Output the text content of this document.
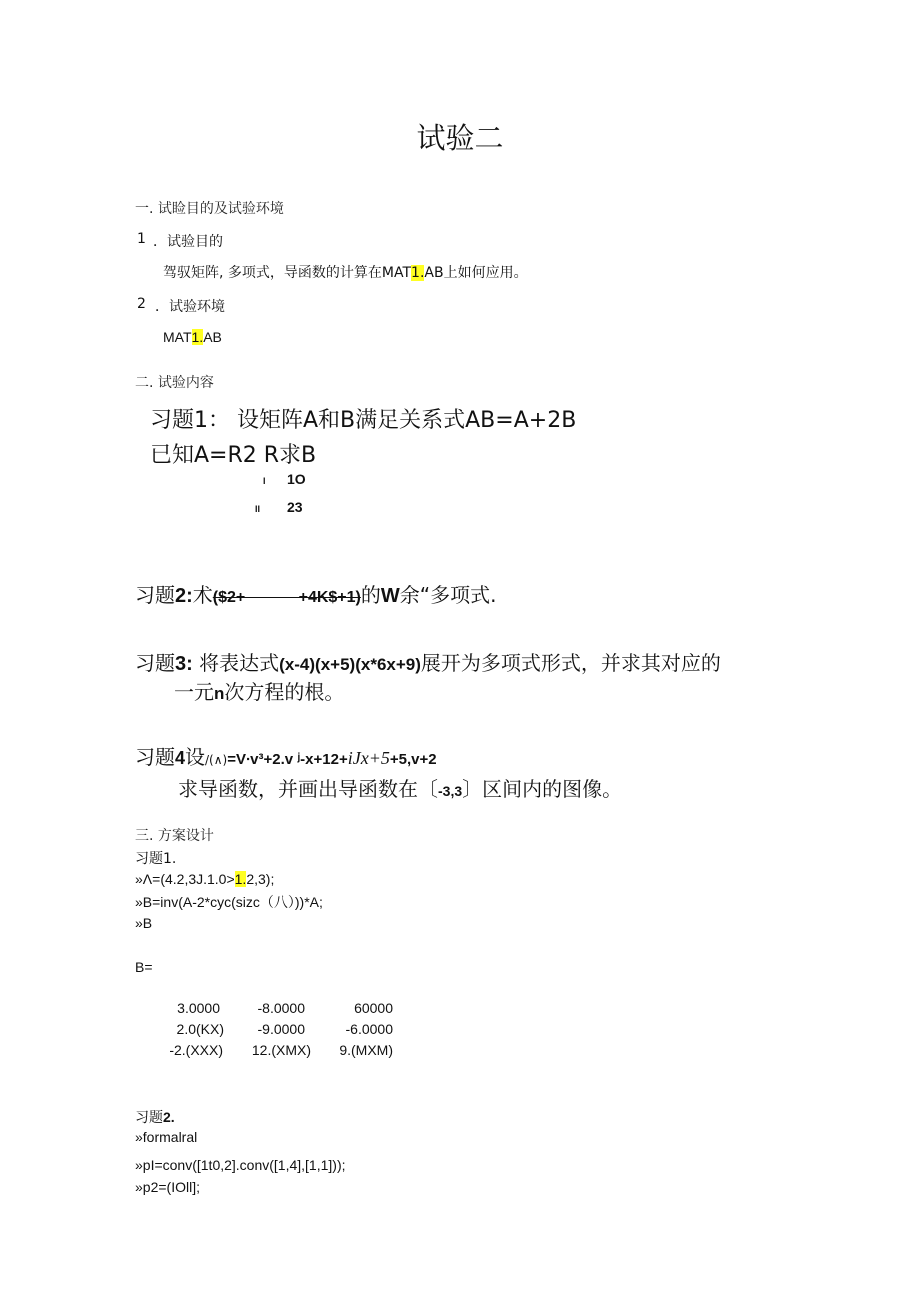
试验二
一. 试睑目的及试验环境
1 ．试验目的
驾驭矩阵, 多项式，导函数的计算在MAT1.AB上如何应用。
2 ．试验环境
MAT1.AB
二. 试验内容
习题1： 设矩阵A和B满足关系式AB=A+2B
已知A=R2 R求B
I 1O
II 23
习题2:术($2+            +4K$+1)的W余“多项式.
习题3: 将表达式(x-4)(x+5)(x*6x+9)展开为多项式形式，并求其对应的
一元n次方程的根。
习题4设/(∧)=V∙v³+2.v ʲ-x+12+iJx+5+5,v+2
求导函数，并画出导函数在〔-3,3〕区间内的图像。
三. 方案设计
习题1.
»Λ=(4.2,3J.1.0>1.2,3);
»B=inv(A-2*cyc(sizc（八）))*A;
»B
B=
3.0000	-8.0000	60000
2.0(KX)	-9.0000	-6.0000
-2.(XXX)	12.(XMX)	9.(MXM)
习题2.
»formalral
»pI=conv([1t0,2].conv([1,4],[1,1]));
»p2=(IOll];
